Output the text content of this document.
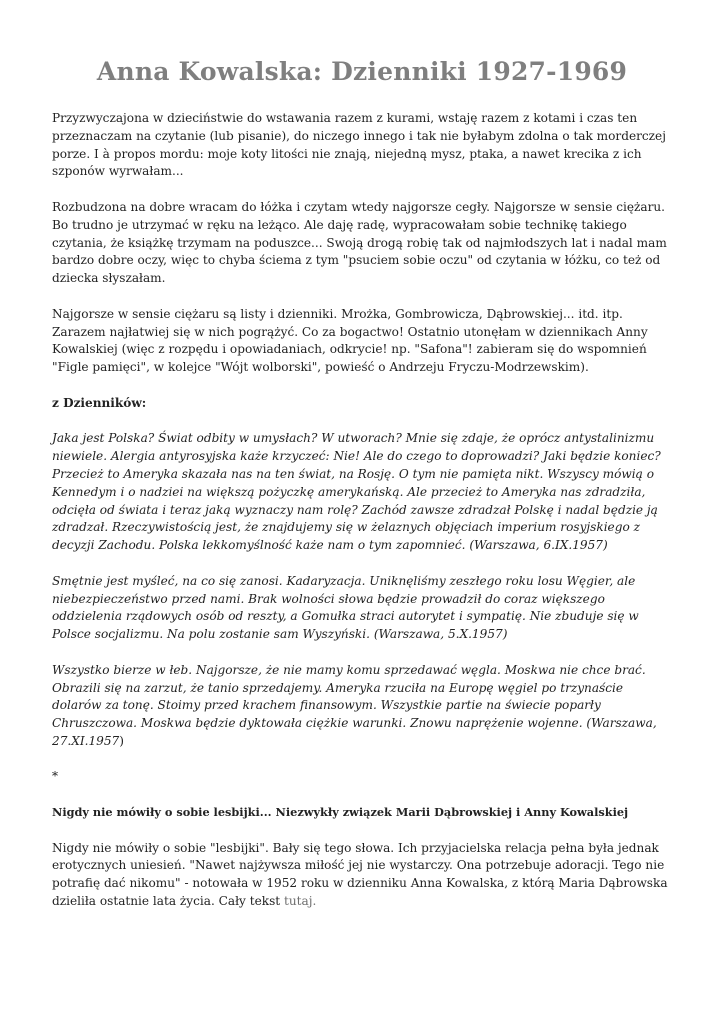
Anna Kowalska: Dzienniki 1927-1969

Przyzwyczajona w dzieciństwie do wstawania razem z kurami, wstaję razem z kotami i czas ten przeznaczam na czytanie (lub pisanie), do niczego innego i tak nie byłabym zdolna o tak morderczej porze. I à propos mordu: moje koty litości nie znają, niejedną mysz, ptaka, a nawet krecika z ich szponów wyrwałam...

Rozbudzona na dobre wracam do łóżka i czytam wtedy najgorsze cegły. Najgorsze w sensie ciężaru. Bo trudno je utrzymać w ręku na leżąco. Ale daję radę, wypracowałam sobie technikę takiego czytania, że książkę trzymam na poduszce... Swoją drogą robię tak od najmłodszych lat i nadal mam bardzo dobre oczy, więc to chyba ściema z tym "psuciem sobie oczu" od czytania w łóżku, co też od dziecka słyszałam.

Najgorsze w sensie ciężaru są listy i dzienniki. Mrożka, Gombrowicza, Dąbrowskiej... itd. itp. Zarazem najłatwiej się w nich pogrążyć. Co za bogactwo! Ostatnio utonęłam w dziennikach Anny Kowalskiej (więc z rozpędu i opowiadaniach, odkrycie! np. "Safona"! zabieram się do wspomnień "Figle pamięci", w kolejce "Wójt wolborski", powieść o Andrzeju Fryczu-Modrzewskim).

z Dzienników:

Jaka jest Polska? Świat odbity w umysłach? W utworach? Mnie się zdaje, że oprócz antystalinizmu niewiele. Alergia antyrosyjska każe krzyczeć: Nie! Ale do czego to doprowadzi? Jaki będzie koniec? Przecież to Ameryka skazała nas na ten świat, na Rosję. O tym nie pamięta nikt. Wszyscy mówią o Kennedym i o nadziei na większą pożyczkę amerykańską. Ale przecież to Ameryka nas zdradziła, odcięła od świata i teraz jaką wyznaczy nam rolę? Zachód zawsze zdradzał Polskę i nadal będzie ją zdradzał. Rzeczywistością jest, że znajdujemy się w żelaznych objęciach imperium rosyjskiego z decyzji Zachodu. Polska lekkomyślność każe nam o tym zapomnieć. (Warszawa, 6.IX.1957)

Smętnie jest myśleć, na co się zanosi. Kadaryzacja. Uniknęliśmy zeszłego roku losu Węgier, ale niebezpieczeństwo przed nami. Brak wolności słowa będzie prowadził do coraz większego oddzielenia rządowych osób od reszty, a Gomułka straci autorytet i sympatię. Nie zbuduje się w Polsce socjalizmu. Na polu zostanie sam Wyszyński. (Warszawa, 5.X.1957)

Wszystko bierze w łeb. Najgorsze, że nie mamy komu sprzedawać węgla. Moskwa nie chce brać. Obrazili się na zarzut, że tanio sprzedajemy. Ameryka rzuciła na Europę węgiel po trzynaście dolarów za tonę. Stoimy przed krachem finansowym. Wszystkie partie na świecie poparły Chruszczowa. Moskwa będzie dyktowała ciężkie warunki. Znowu naprężenie wojenne. (Warszawa, 27.XI.1957)

*

Nigdy nie mówiły o sobie lesbijki... Niezwykły związek Marii Dąbrowskiej i Anny Kowalskiej

Nigdy nie mówiły o sobie "lesbijki". Bały się tego słowa. Ich przyjacielska relacja pełna była jednak erotycznych uniesień. "Nawet najżywsza miłość jej nie wystarczy. Ona potrzebuje adoracji. Tego nie potrafię dać nikomu" - notowała w 1952 roku w dzienniku Anna Kowalska, z którą Maria Dąbrowska dzieliła ostatnie lata życia. Cały tekst tutaj.
